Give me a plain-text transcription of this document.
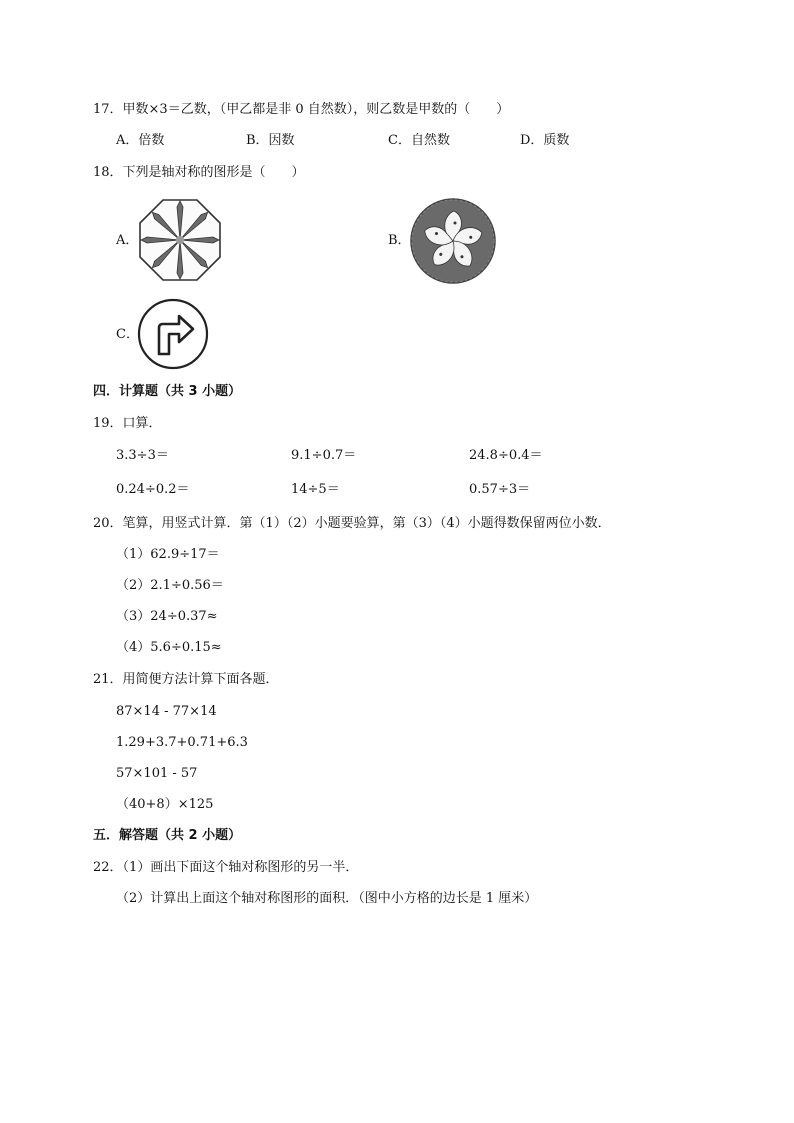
17．甲数×3＝乙数，（甲乙都是非 0 自然数），则乙数是甲数的（　　）
A．倍数	B．因数	C．自然数	D．质数
18．下列是轴对称的图形是（　　）
A．	B．
C．
四．计算题（共 3 小题）
19．口算．
3.3÷3＝	9.1÷0.7＝	24.8÷0.4＝
0.24÷0.2＝	14÷5＝	0.57÷3＝
20．笔算，用竖式计算．第（1）（2）小题要验算，第（3）（4）小题得数保留两位小数．
（1）62.9÷17＝
（2）2.1÷0.56＝
（3）24÷0.37≈
（4）5.6÷0.15≈
21．用简便方法计算下面各题．
87×14 - 77×14
1.29+3.7+0.71+6.3
57×101 - 57
（40+8）×125
五．解答题（共 2 小题）
22．（1）画出下面这个轴对称图形的另一半．
（2）计算出上面这个轴对称图形的面积．（图中小方格的边长是 1 厘米）
